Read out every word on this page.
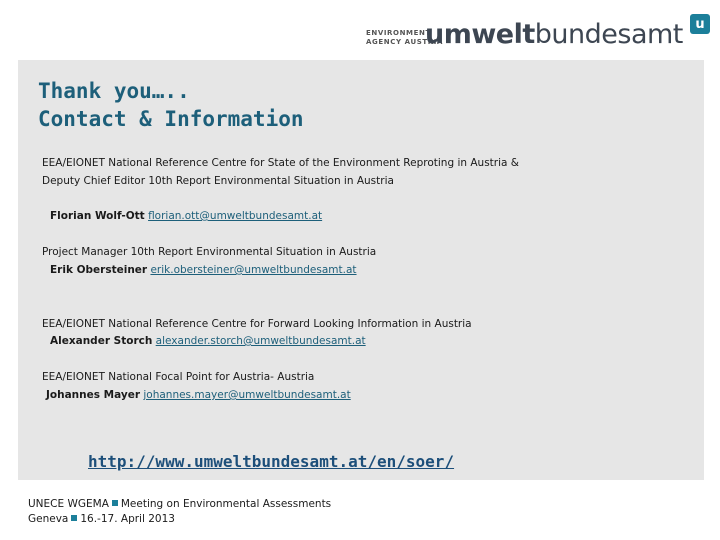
ENVIRONMENT
AGENCY AUSTRIA
umweltbundesamt u
Thank you…..
Contact & Information
EEA/EIONET National Reference Centre for State of the Environment Reproting in Austria &
Deputy Chief Editor 10th Report Environmental Situation in Austria
Florian Wolf-Ott florian.ott@umweltbundesamt.at
Project Manager 10th Report Environmental Situation in Austria
Erik Obersteiner erik.obersteiner@umweltbundesamt.at
EEA/EIONET National Reference Centre for Forward Looking Information in Austria
Alexander Storch alexander.storch@umweltbundesamt.at
EEA/EIONET National Focal Point for Austria- Austria
Johannes Mayer johannes.mayer@umweltbundesamt.at
http://www.umweltbundesamt.at/en/soer/
UNECE WGEMA Meeting on Environmental Assessments
Geneva 16.-17. April 2013
